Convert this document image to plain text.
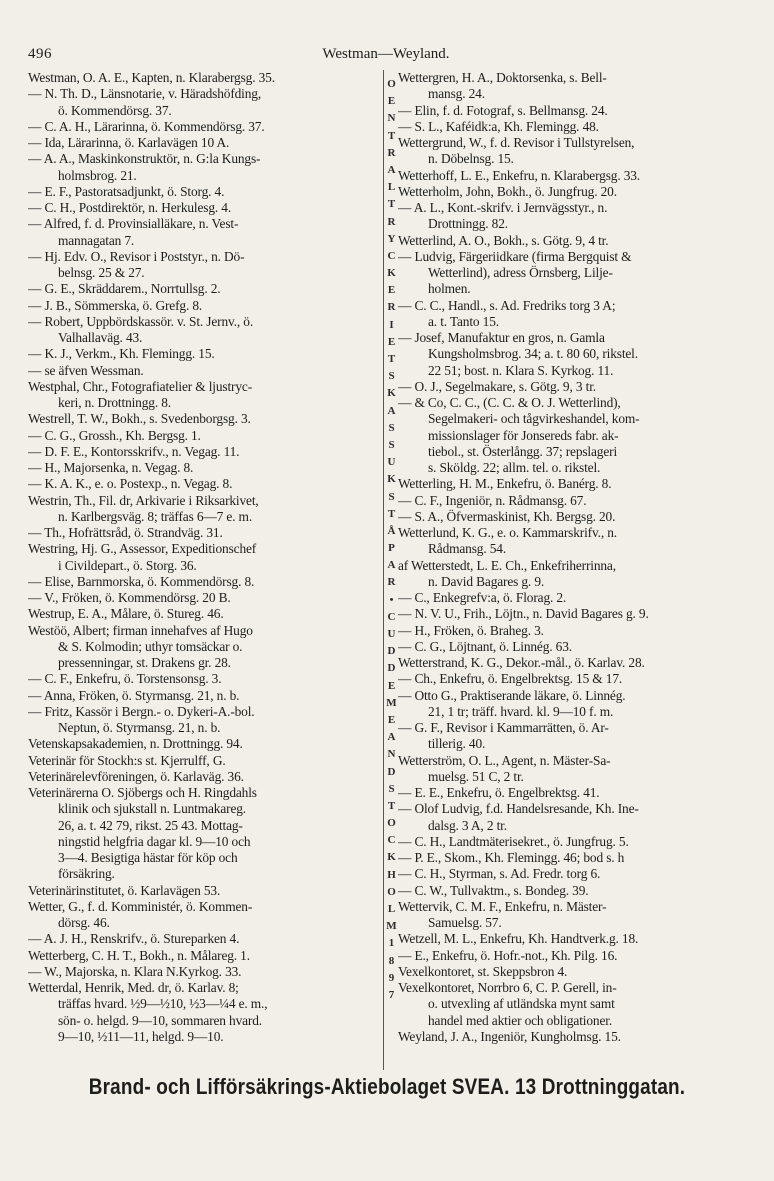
496	Westman—Weyland.
Westman, O. A. E., Kapten, n. Klarabergsg. 35.
— N. Th. D., Länsnotarie, v. Häradshöfding,
ö. Kommendörsg. 37.
— C. A. H., Lärarinna, ö. Kommendörsg. 37.
— Ida, Lärarinna, ö. Karlavägen 10 A.
— A. A., Maskinkonstruktör, n. G:la Kungs-
holmsbrog. 21.
— E. F., Pastoratsadjunkt, ö. Storg. 4.
— C. H., Postdirektör, n. Herkulesg. 4.
— Alfred, f. d. Provinsialläkare, n. Vest-
mannagatan 7.
— Hj. Edv. O., Revisor i Poststyr., n. Dö-
belnsg. 25 & 27.
— G. E., Skräddarem., Norrtullsg. 2.
— J. B., Sömmerska, ö. Grefg. 8.
— Robert, Uppbördskassör. v. St. Jernv., ö.
Valhallaväg. 43.
— K. J., Verkm., Kh. Flemingg. 15.
— se äfven Wessman.
Westphal, Chr., Fotografiatelier & ljustryc-
keri, n. Drottningg. 8.
Westrell, T. W., Bokh., s. Svedenborgsg. 3.
— C. G., Grossh., Kh. Bergsg. 1.
— D. F. E., Kontorsskrifv., n. Vegag. 11.
— H., Majorsenka, n. Vegag. 8.
— K. A. K., e. o. Postexp., n. Vegag. 8.
Westrin, Th., Fil. dr, Arkivarie i Riksarkivet,
n. Karlbergsväg. 8; träffas 6—7 e. m.
— Th., Hofrättsråd, ö. Strandväg. 31.
Westring, Hj. G., Assessor, Expeditionschef
i Civildepart., ö. Storg. 36.
— Elise, Barnmorska, ö. Kommendörsg. 8.
— V., Fröken, ö. Kommendörsg. 20 B.
Westrup, E. A., Målare, ö. Stureg. 46.
Westöö, Albert; firman innehafves af Hugo
& S. Kolmodin; uthyr tomsäckar o.
pressenningar, st. Drakens gr. 28.
— C. F., Enkefru, ö. Torstensonsg. 3.
— Anna, Fröken, ö. Styrmansg. 21, n. b.
— Fritz, Kassör i Bergn.- o. Dykeri-A.-bol.
Neptun, ö. Styrmansg. 21, n. b.
Vetenskapsakademien, n. Drottningg. 94.
Veterinär för Stockh:s st. Kjerrulff, G.
Veterinärelevföreningen, ö. Karlaväg. 36.
Veterinärerna O. Sjöbergs och H. Ringdahls
klinik och sjukstall n. Luntmakareg.
26, a. t. 42 79, rikst. 25 43. Mottag-
ningstid helgfria dagar kl. 9—10 och
3—4. Besigtiga hästar för köp och
försäkring.
Veterinärinstitutet, ö. Karlavägen 53.
Wetter, G., f. d. Komministér, ö. Kommen-
dörsg. 46.
— A. J. H., Renskrifv., ö. Stureparken 4.
Wetterberg, C. H. T., Bokh., n. Målareg. 1.
— W., Majorska, n. Klara N.Kyrkog. 33.
Wetterdal, Henrik, Med. dr, ö. Karlav. 8;
träffas hvard. ½9—½10, ½3—¼4 e. m.,
sön- o. helgd. 9—10, sommaren hvard.
9—10, ½11—11, helgd. 9—10.
O
E
N
T
R
A
L
T
R
Y
C
K
E
R
I
E
T
S
K
A
S
S
U
K
S
T
Å
P
A
R
•
C
U
D
D
E
M
E
A
N
D
S
T
O
C
K
H
O
L
M
1
8
9
7
Wettergren, H. A., Doktorsenka, s. Bell-
mansg. 24.
— Elin, f. d. Fotograf, s. Bellmansg. 24.
— S. L., Kaféidk:a, Kh. Flemingg. 48.
Wettergrund, W., f. d. Revisor i Tullstyrelsen,
n. Döbelnsg. 15.
Wetterhoff, L. E., Enkefru, n. Klarabergsg. 33.
Wetterholm, John, Bokh., ö. Jungfrug. 20.
— A. L., Kont.-skrifv. i Jernvägsstyr., n.
Drottningg. 82.
Wetterlind, A. O., Bokh., s. Götg. 9, 4 tr.
— Ludvig, Färgeriidkare (firma Bergquist &
Wetterlind), adress Örnsberg, Lilje-
holmen.
— C. C., Handl., s. Ad. Fredriks torg 3 A;
a. t. Tanto 15.
— Josef, Manufaktur en gros, n. Gamla
Kungsholmsbrog. 34; a. t. 80 60, rikstel.
22 51; bost. n. Klara S. Kyrkog. 11.
— O. J., Segelmakare, s. Götg. 9, 3 tr.
— & Co, C. C., (C. C. & O. J. Wetterlind),
Segelmakeri- och tågvirkeshandel, kom-
missionslager för Jonsereds fabr. ak-
tiebol., st. Österlångg. 37; repslageri
s. Sköldg. 22; allm. tel. o. rikstel.
Wetterling, H. M., Enkefru, ö. Banérg. 8.
— C. F., Ingeniör, n. Rådmansg. 67.
— S. A., Öfvermaskinist, Kh. Bergsg. 20.
Wetterlund, K. G., e. o. Kammarskrifv., n.
Rådmansg. 54.
af Wetterstedt, L. E. Ch., Enkefriherrinna,
n. David Bagares g. 9.
— C., Enkegrefv:a, ö. Florag. 2.
— N. V. U., Frih., Löjtn., n. David Bagares g. 9.
— H., Fröken, ö. Braheg. 3.
— C. G., Löjtnant, ö. Linnég. 63.
Wetterstrand, K. G., Dekor.-mål., ö. Karlav. 28.
— Ch., Enkefru, ö. Engelbrektsg. 15 & 17.
— Otto G., Praktiserande läkare, ö. Linnég.
21, 1 tr; träff. hvard. kl. 9—10 f. m.
— G. F., Revisor i Kammarrätten, ö. Ar-
tillerig. 40.
Wetterström, O. L., Agent, n. Mäster-Sa-
muelsg. 51 C, 2 tr.
— E. E., Enkefru, ö. Engelbrektsg. 41.
— Olof Ludvig, f.d. Handelsresande, Kh. Ine-
dalsg. 3 A, 2 tr.
— C. H., Landtmäterisekret., ö. Jungfrug. 5.
— P. E., Skom., Kh. Flemingg. 46; bod s. h
— C. H., Styrman, s. Ad. Fredr. torg 6.
— C. W., Tullvaktm., s. Bondeg. 39.
Wettervik, C. M. F., Enkefru, n. Mäster-
Samuelsg. 57.
Wetzell, M. L., Enkefru, Kh. Handtverk.g. 18.
— E., Enkefru, ö. Hofr.-not., Kh. Pilg. 16.
Vexelkontoret, st. Skeppsbron 4.
Vexelkontoret, Norrbro 6, C. P. Gerell, in-
o. utvexling af utländska mynt samt
handel med aktier och obligationer.
Weyland, J. A., Ingeniör, Kungholmsg. 15.
Brand- och Lifförsäkrings-Aktiebolaget SVEA. 13 Drottninggatan.
